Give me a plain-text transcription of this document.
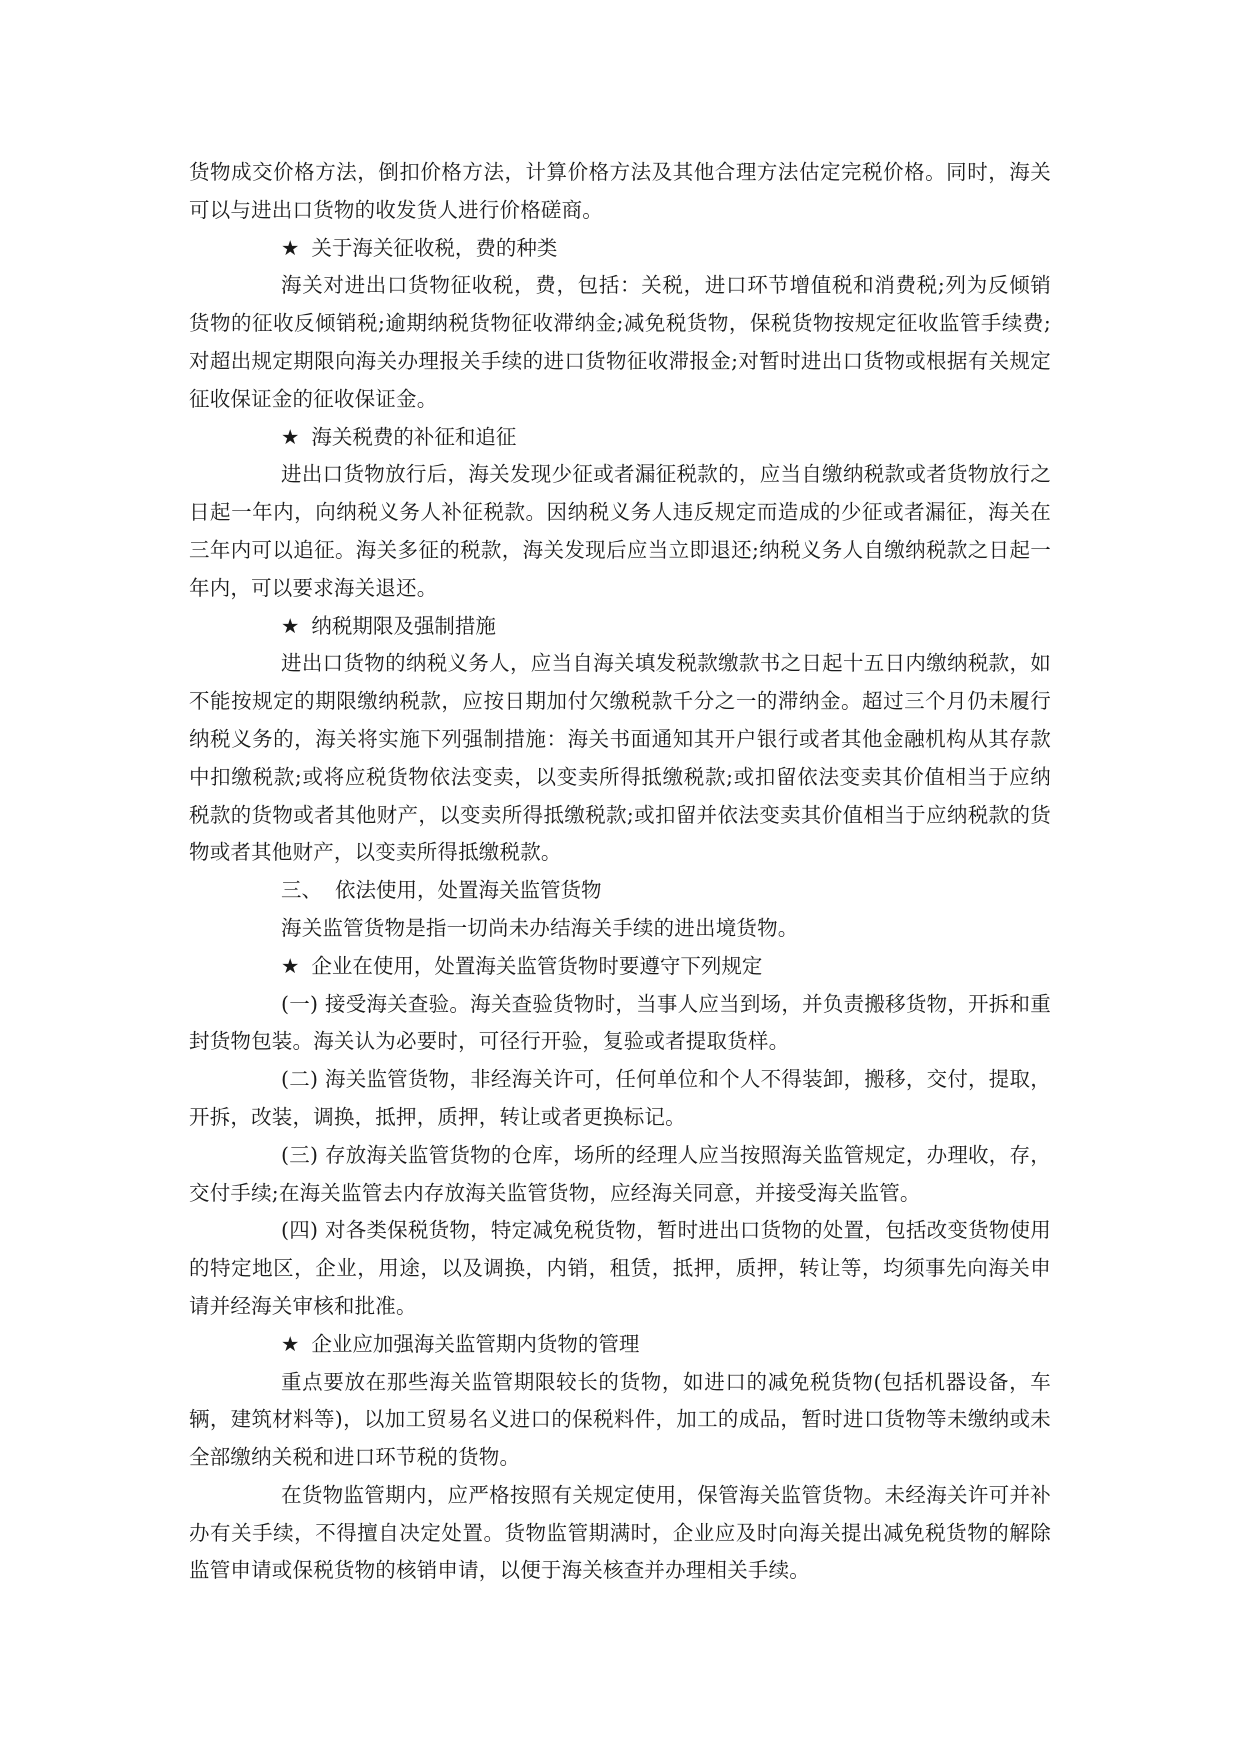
货物成交价格方法，倒扣价格方法，计算价格方法及其他合理方法估定完税价格。同时，海关可以与进出口货物的收发货人进行价格磋商。

★ 关于海关征收税，费的种类

海关对进出口货物征收税，费，包括：关税，进口环节增值税和消费税;列为反倾销货物的征收反倾销税;逾期纳税货物征收滞纳金;减免税货物，保税货物按规定征收监管手续费;对超出规定期限向海关办理报关手续的进口货物征收滞报金;对暂时进出口货物或根据有关规定征收保证金的征收保证金。

★ 海关税费的补征和追征

进出口货物放行后，海关发现少征或者漏征税款的，应当自缴纳税款或者货物放行之日起一年内，向纳税义务人补征税款。因纳税义务人违反规定而造成的少征或者漏征，海关在三年内可以追征。海关多征的税款，海关发现后应当立即退还;纳税义务人自缴纳税款之日起一年内，可以要求海关退还。

★ 纳税期限及强制措施

进出口货物的纳税义务人，应当自海关填发税款缴款书之日起十五日内缴纳税款，如不能按规定的期限缴纳税款，应按日期加付欠缴税款千分之一的滞纳金。超过三个月仍未履行纳税义务的，海关将实施下列强制措施：海关书面通知其开户银行或者其他金融机构从其存款中扣缴税款;或将应税货物依法变卖，以变卖所得抵缴税款;或扣留依法变卖其价值相当于应纳税款的货物或者其他财产，以变卖所得抵缴税款;或扣留并依法变卖其价值相当于应纳税款的货物或者其他财产，以变卖所得抵缴税款。

三、  依法使用，处置海关监管货物

海关监管货物是指一切尚未办结海关手续的进出境货物。

★ 企业在使用，处置海关监管货物时要遵守下列规定

(一) 接受海关查验。海关查验货物时，当事人应当到场，并负责搬移货物，开拆和重封货物包装。海关认为必要时，可径行开验，复验或者提取货样。

(二) 海关监管货物，非经海关许可，任何单位和个人不得装卸，搬移，交付，提取，开拆，改装，调换，抵押，质押，转让或者更换标记。

(三) 存放海关监管货物的仓库，场所的经理人应当按照海关监管规定，办理收，存，交付手续;在海关监管去内存放海关监管货物，应经海关同意，并接受海关监管。

(四) 对各类保税货物，特定减免税货物，暂时进出口货物的处置，包括改变货物使用的特定地区，企业，用途，以及调换，内销，租赁，抵押，质押，转让等，均须事先向海关申请并经海关审核和批准。

★ 企业应加强海关监管期内货物的管理

重点要放在那些海关监管期限较长的货物，如进口的减免税货物(包括机器设备，车辆，建筑材料等)，以加工贸易名义进口的保税料件，加工的成品，暂时进口货物等未缴纳或未全部缴纳关税和进口环节税的货物。

在货物监管期内，应严格按照有关规定使用，保管海关监管货物。未经海关许可并补办有关手续，不得擅自决定处置。货物监管期满时，企业应及时向海关提出减免税货物的解除监管申请或保税货物的核销申请，以便于海关核查并办理相关手续。
